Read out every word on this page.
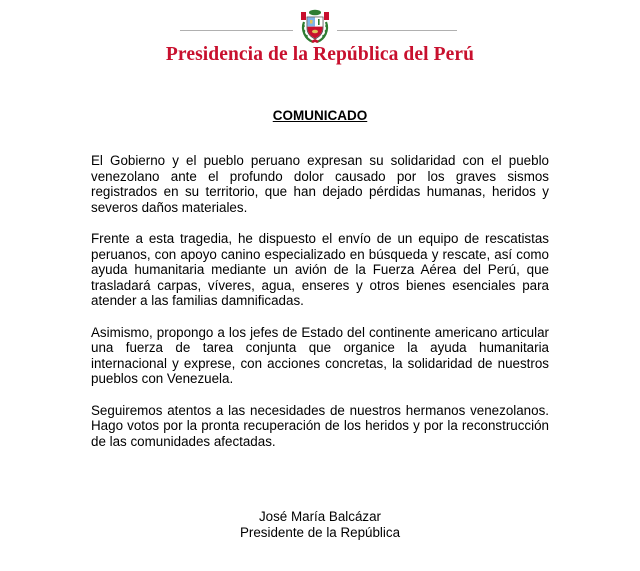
Presidencia de la República del Perú
COMUNICADO

El Gobierno y el pueblo peruano expresan su solidaridad con el pueblo venezolano ante el profundo dolor causado por los graves sismos registrados en su territorio, que han dejado pérdidas humanas, heridos y severos daños materiales.

Frente a esta tragedia, he dispuesto el envío de un equipo de rescatistas peruanos, con apoyo canino especializado en búsqueda y rescate, así como ayuda humanitaria mediante un avión de la Fuerza Aérea del Perú, que trasladará carpas, víveres, agua, enseres y otros bienes esenciales para atender a las familias damnificadas.

Asimismo, propongo a los jefes de Estado del continente americano articular una fuerza de tarea conjunta que organice la ayuda humanitaria internacional y exprese, con acciones concretas, la solidaridad de nuestros pueblos con Venezuela.

Seguiremos atentos a las necesidades de nuestros hermanos venezolanos. Hago votos por la pronta recuperación de los heridos y por la reconstrucción de las comunidades afectadas.

José María Balcázar
Presidente de la República
